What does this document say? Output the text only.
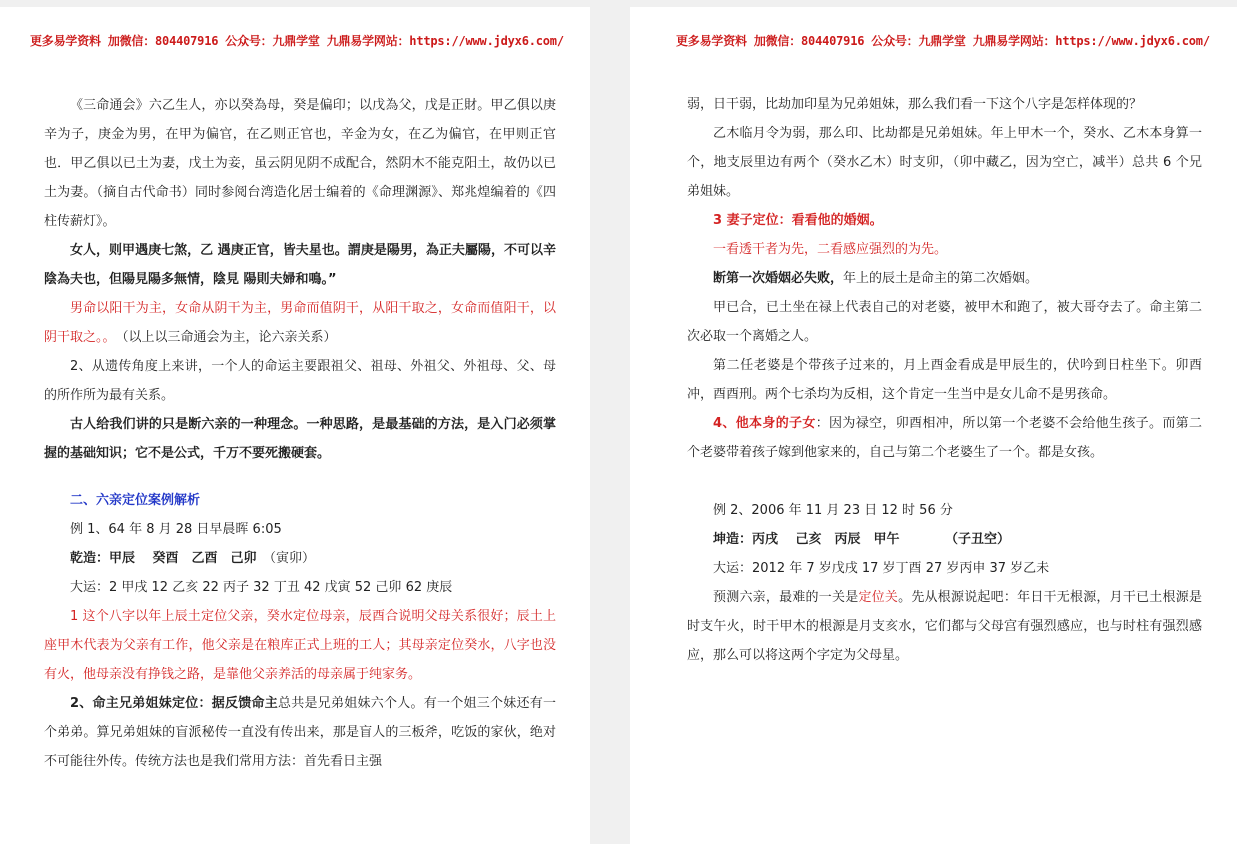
更多易学资料 加微信：804407916 公众号：九鼎学堂 九鼎易学网站：https://www.jdyx6.com/

《三命通会》六乙生人，亦以癸為母，癸是偏印；以戊為父，戊是正財。甲乙俱以庚辛为子，庚金为男，在甲为偏官，在乙则正官也，辛金为女，在乙为偏官，在甲则正官也．甲乙俱以已土为妻，戊土为妾，虽云阴见阴不成配合，然阴木不能克阳土，故仍以已土为妻。（摘自古代命书）同时参阅台湾造化居士编着的《命理渊源》、郑兆煌编着的《四柱传薪灯》。

女人，则甲遇庚七煞，乙 遇庚正官，皆夫星也。謂庚是陽男，為正夫屬陽，不可以辛陰為夫也，但陽見陽多無情，陰見 陽則夫婦和鳴。”

男命以阳干为主，女命从阴干为主，男命而值阴干，从阳干取之，女命而值阳干，以阴干取之。。　 （以上以三命通会为主，论六亲关系）

2、从遗传角度上来讲，一个人的命运主要跟祖父、祖母、外祖父、外祖母、父、母的所作所为最有关系。

古人给我们讲的只是断六亲的一种理念。一种思路，是最基础的方法，是入门必须掌握的基础知识；它不是公式，千万不要死搬硬套。

二、六亲定位案例解析

例 1、64 年 8 月 28 日早晨晖 6:05

乾造：甲辰　 癸酉　乙酉　己卯　（寅卯）

大运：2 甲戌 12 乙亥 22 丙子 32 丁丑 42 戊寅 52 己卯 62 庚辰

1 这个八字以年上辰土定位父亲，癸水定位母亲，辰酉合说明父母关系很好；辰土上座甲木代表为父亲有工作，他父亲是在粮库正式上班的工人；其母亲定位癸水，八字也没有火，他母亲没有挣钱之路，是靠他父亲养活的母亲属于纯家务。

2、命主兄弟姐妹定位：据反馈命主总共是兄弟姐妹六个人。有一个姐三个妹还有一个弟弟。算兄弟姐妹的盲派秘传一直没有传出来，那是盲人的三板斧，吃饭的家伙，绝对不可能往外传。传统方法也是我们常用方法：首先看日主强

更多易学资料 加微信：804407916 公众号：九鼎学堂 九鼎易学网站：https://www.jdyx6.com/

弱，日干弱，比劫加印星为兄弟姐妹，那么我们看一下这个八字是怎样体现的？

乙木临月令为弱，那么印、比劫都是兄弟姐妹。年上甲木一个，癸水、乙木本身算一个，地支辰里边有两个（癸水乙木）时支卯，（卯中藏乙，因为空亡，减半）总共 6 个兄弟姐妹。

3 妻子定位：看看他的婚姻。

一看透干者为先，二看感应强烈的为先。

断第一次婚姻必失败，年上的辰土是命主的第二次婚姻。

甲已合，已土坐在禄上代表自己的对老婆，被甲木和跑了，被大哥夺去了。命主第二次必取一个离婚之人。

第二任老婆是个带孩子过来的，月上酉金看成是甲辰生的，伏吟到日柱坐下。卯酉冲，酉酉刑。两个七杀均为反相，这个肯定一生当中是女儿命不是男孩命。

4、他本身的子女：因为禄空，卯酉相冲，所以第一个老婆不会给他生孩子。而第二个老婆带着孩子嫁到他家来的，自己与第二个老婆生了一个。都是女孩。

例 2、2006 年 11 月 23 日 12 时 56 分

坤造：丙戌　 己亥　丙辰　甲午　　　　	（子丑空）

大运：2012 年 7 岁戊戌 17 岁丁酉 27 岁丙申 37 岁乙未

预测六亲，最难的一关是定位关。先从根源说起吧：年日干无根源，月干已土根源是时支午火，时干甲木的根源是月支亥水，它们都与父母宫有强烈感应，也与时柱有强烈感应，那么可以将这两个字定为父母星。
